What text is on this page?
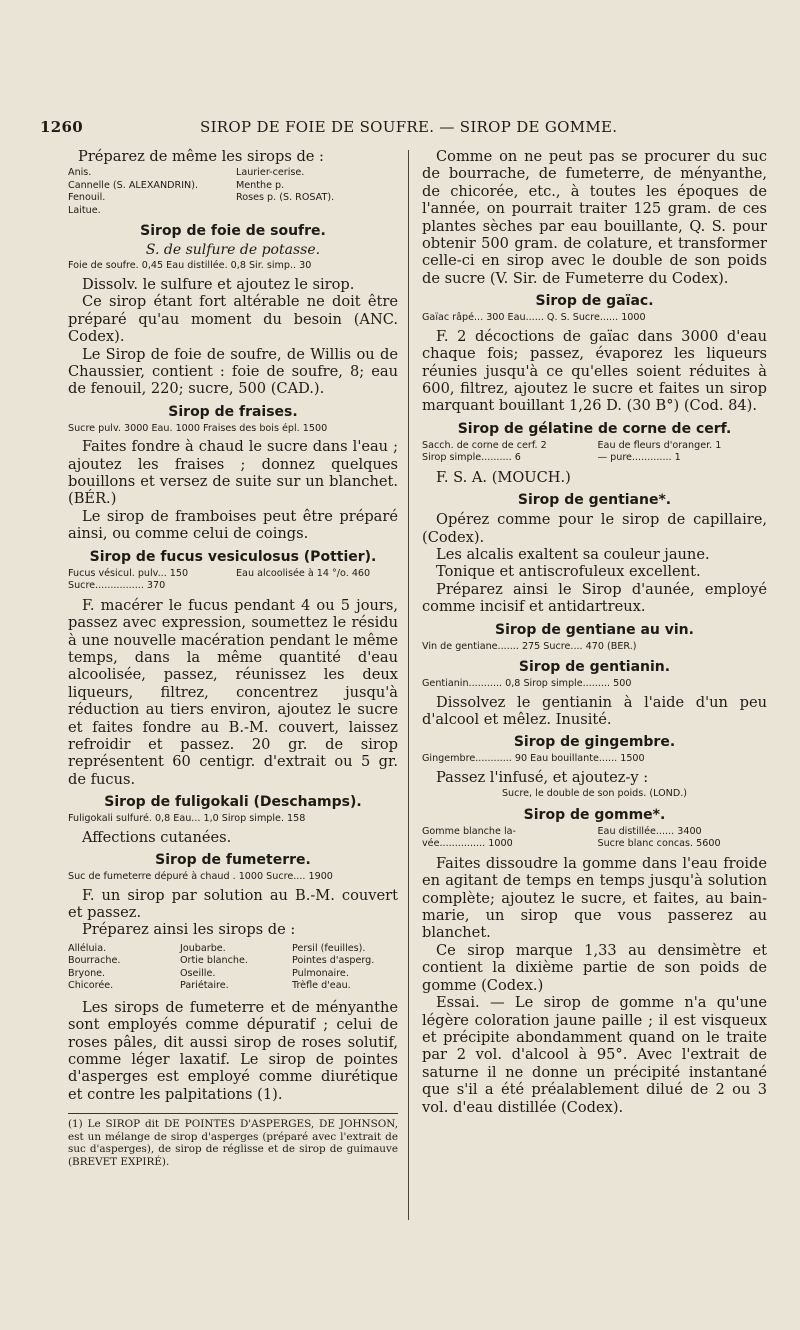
1260	SIROP DE FOIE DE SOUFRE. — SIROP DE GOMME.

Préparez de même les sirops de :

Anis.	Laurier-cerise.
Cannelle (S. ALEXANDRIN).	Menthe p.
Fenouil.	Roses p. (S. ROSAT).
Laitue.
Sirop de foie de soufre.
S. de sulfure de potasse.
Foie de soufre. 0,45 Eau distillée. 0,8 Sir. simp.. 30

Dissolv. le sulfure et ajoutez le sirop.

Ce sirop étant fort altérable ne doit être préparé qu'au moment du besoin (ANC. Codex).

Le Sirop de foie de soufre, de Willis ou de Chaussier, contient : foie de soufre, 8; eau de fenouil, 220; sucre, 500 (CAD.).

Sirop de fraises.
Sucre pulv. 3000 Eau. 1000 Fraises des bois épl. 1500

Faites fondre à chaud le sucre dans l'eau ; ajoutez les fraises ; donnez quelques bouillons et versez de suite sur un blanchet. (BÉR.)

Le sirop de framboises peut être préparé ainsi, ou comme celui de coings.

Sirop de fucus vesiculosus (Pottier).
Fucus vésicul. pulv... 150	Eau alcoolisée à 14 °/o. 460
Sucre................ 370

F. macérer le fucus pendant 4 ou 5 jours, passez avec expression, soumettez le résidu à une nouvelle macération pendant le même temps, dans la même quantité d'eau alcoolisée, passez, réunissez les deux liqueurs, filtrez, concentrez jusqu'à réduction au tiers environ, ajoutez le sucre et faites fondre au B.-M. couvert, laissez refroidir et passez. 20 gr. de sirop représentent 60 centigr. d'extrait ou 5 gr. de fucus.

Sirop de fuligokali (Deschamps).
Fuligokali sulfuré. 0,8 Eau... 1,0 Sirop simple. 158

Affections cutanées.

Sirop de fumeterre.
Suc de fumeterre dépuré à chaud . 1000 Sucre.... 1900

F. un sirop par solution au B.-M. couvert et passez.

Préparez ainsi les sirops de :

Alléluia.	Joubarbe.	Persil (feuilles).
Bourrache.	Ortie blanche.	Pointes d'asperg.
Bryone.	Oseille.	Pulmonaire.
Chicorée.	Pariétaire.	Trèfle d'eau.

Les sirops de fumeterre et de ményanthe sont employés comme dépuratif ; celui de roses pâles, dit aussi sirop de roses solutif, comme léger laxatif. Le sirop de pointes d'asperges est employé comme diurétique et contre les palpitations (1).

(1) Le SIROP dit DE POINTES D'ASPERGES, DE JOHNSON, est un mélange de sirop d'asperges (préparé avec l'extrait de suc d'asperges), de sirop de réglisse et de sirop de guimauve (BREVET EXPIRÉ).

Comme on ne peut pas se procurer du suc de bourrache, de fumeterre, de ményanthe, de chicorée, etc., à toutes les époques de l'année, on pourrait traiter 125 gram. de ces plantes sèches par eau bouillante, Q. S. pour obtenir 500 gram. de colature, et transformer celle-ci en sirop avec le double de son poids de sucre (V. Sir. de Fumeterre du Codex).

Sirop de gaïac.
Gaïac râpé... 300 Eau...... Q. S. Sucre...... 1000

F. 2 décoctions de gaïac dans 3000 d'eau chaque fois; passez, évaporez les liqueurs réunies jusqu'à ce qu'elles soient réduites à 600, filtrez, ajoutez le sucre et faites un sirop marquant bouillant 1,26 D. (30 B°) (Cod. 84).

Sirop de gélatine de corne de cerf.
Sacch. de corne de cerf. 2	Eau de fleurs d'oranger. 1
Sirop simple.......... 6	— pure............. 1

F. S. A. (MOUCH.)

Sirop de gentiane*.

Opérez comme pour le sirop de capillaire, (Codex).

Les alcalis exaltent sa couleur jaune.

Tonique et antiscrofuleux excellent.

Préparez ainsi le Sirop d'aunée, employé comme incisif et antidartreux.

Sirop de gentiane au vin.
Vin de gentiane....... 275 Sucre.... 470 (BÉR.)
Sirop de gentianin.
Gentianin........... 0,8 Sirop simple......... 500

Dissolvez le gentianin à l'aide d'un peu d'alcool et mêlez. Inusité.

Sirop de gingembre.
Gingembre............ 90 Eau bouillante...... 1500

Passez l'infusé, et ajoutez-y :

Sucre, le double de son poids. (LOND.)
Sirop de gomme*.
Gomme blanche la-	Eau distillée...... 3400
vée............... 1000	Sucre blanc concas. 5600

Faites dissoudre la gomme dans l'eau froide en agitant de temps en temps jusqu'à solution complète; ajoutez le sucre, et faites, au bain-marie, un sirop que vous passerez au blanchet.

Ce sirop marque 1,33 au densimètre et contient la dixième partie de son poids de gomme (Codex.)

Essai. — Le sirop de gomme n'a qu'une légère coloration jaune paille ; il est visqueux et précipite abondamment quand on le traite par 2 vol. d'alcool à 95°. Avec l'extrait de saturne il ne donne un précipité instantané que s'il a été préalablement dilué de 2 ou 3 vol. d'eau distillée (Codex).
